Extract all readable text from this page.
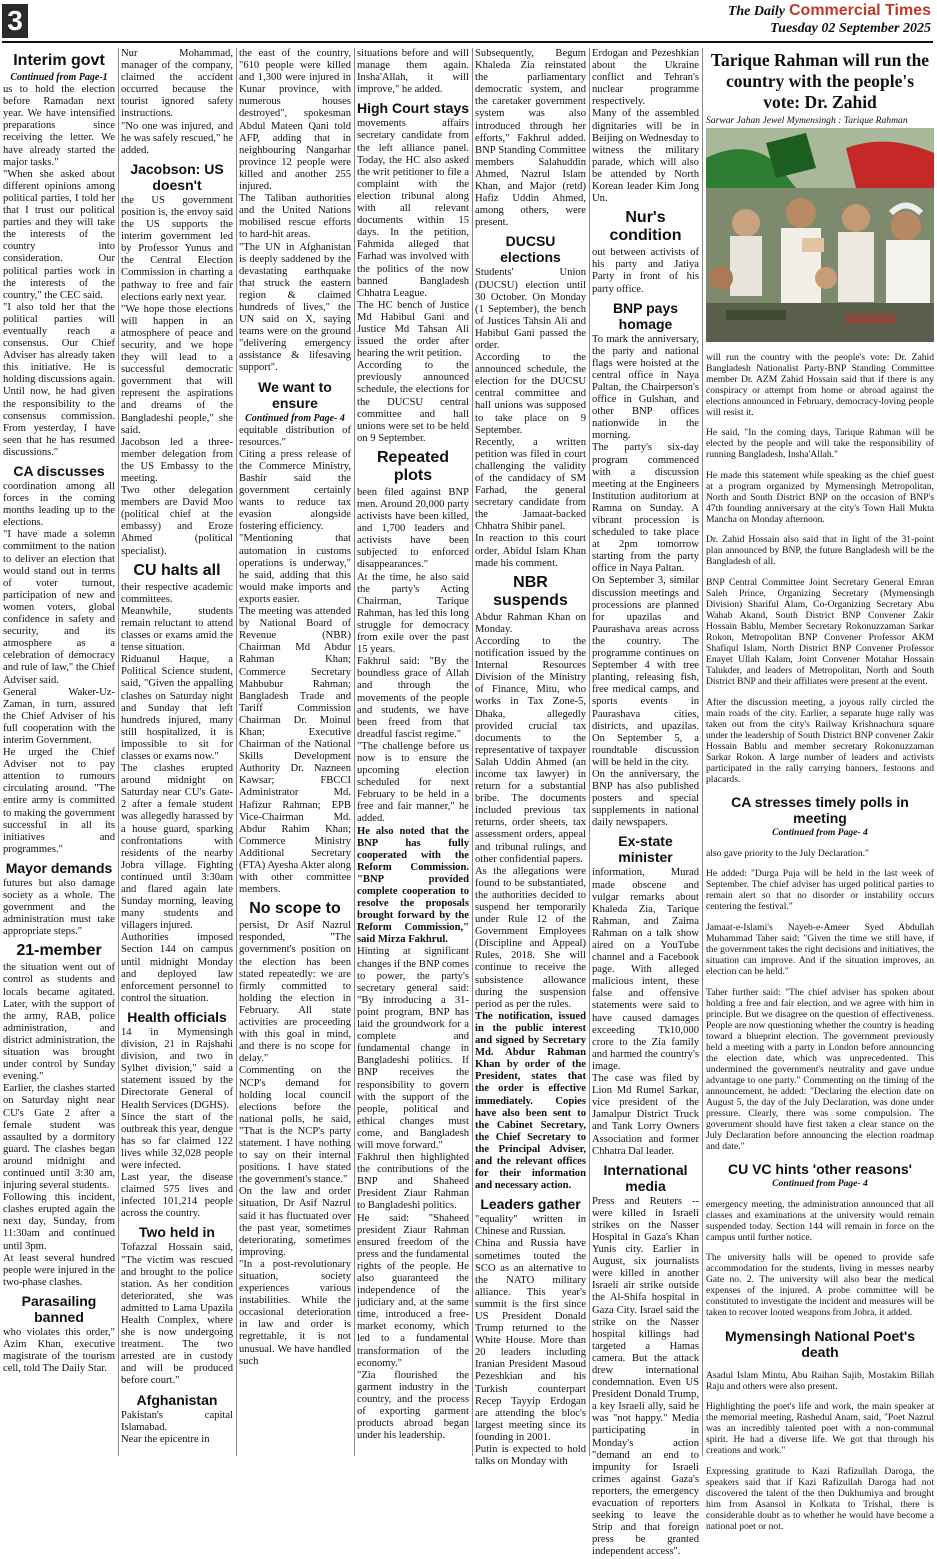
3	The Daily Commercial Times
Tuesday 02 September 2025
Interim govt

Continued from Page-1

us to hold the election before Ramadan next year. We have intensified preparations since receiving the letter. We have already started the major tasks."

"When she asked about different opinions among political parties, I told her that I trust our political parties and they will take the interests of the country into consideration. Our political parties work in the interests of the country," the CEC said.

"I also told her that the political parties will eventually reach a consensus. Our Chief Adviser has already taken this initiative. He is holding discussions again. Until now, he had given the responsibility to the consensus commission. From yesterday, I have seen that he has resumed discussions."

CA discusses

coordination among all forces in the coming months leading up to the elections.

"I have made a solemn commitment to the nation to deliver an election that would stand out in terms of voter turnout, participation of new and women voters, global confidence in safety and security, and its atmosphere as a celebration of democracy and rule of law," the Chief Adviser said.

General Waker-Uz-Zaman, in turn, assured the Chief Adviser of his full cooperation with the interim Government.

He urged the Chief Adviser not to pay attention to rumours circulating around. "The entire army is committed to making the government successful in all its initiatives and programmes."

Mayor demands

futures but also damage society as a whole. The government and the administration must take appropriate steps."

21-member

the situation went out of control as students and locals became agitated. Later, with the support of the army, RAB, police administration, and district administration, the situation was brought under control by Sunday evening."

Earlier, the clashes started on Saturday night near CU's Gate 2 after a female student was assaulted by a dormitory guard. The clashes began around midnight and continued until 3:30 am, injuring several students.

Following this incident, clashes erupted again the next day, Sunday, from 11:30am and continued until 3pm.

At least several hundred people were injured in the two-phase clashes.

Parasailing banned

who violates this order," Azim Khan, executive magistrate of the tourism cell, told The Daily Star.

Nur Mohammad, manager of the company, claimed the accident occurred because the tourist ignored safety instructions.

"No one was injured, and he was safely rescued," he added.

Jacobson: US doesn't

the US government position is, the envoy said the US supports the interim government led by Professor Yunus and the Central Election Commission in charting a pathway to free and fair elections early next year.

"We hope those elections will happen in an atmosphere of peace and security, and we hope they will lead to a successful democratic government that will represent the aspirations and dreams of the Bangladeshi people," she said.

Jacobson led a three-member delegation from the US Embassy to the meeting.

Two other delegation members are David Moo (political chief at the embassy) and Eroze Ahmed (political specialist).

CU halts all

their respective academic committees.

Meanwhile, students remain reluctant to attend classes or exams amid the tense situation.

Riduanul Haque, a Political Science student, said, "Given the appalling clashes on Saturday night and Sunday that left hundreds injured, many still hospitalized, it is impossible to sit for classes or exams now."

The clashes erupted around midnight on Saturday near CU's Gate-2 after a female student was allegedly harassed by a house guard, sparking confrontations with residents of the nearby Jobra village. Fighting continued until 3:30am and flared again late Sunday morning, leaving many students and villagers injured.

Authorities imposed Section 144 on campus until midnight Monday and deployed law enforcement personnel to control the situation.

Health officials

14 in Mymensingh division, 21 in Rajshahi division, and two in Sylhet division," said a statement issued by the Directorate General of Health Services (DGHS).

Since the start of the outbreak this year, dengue has so far claimed 122 lives while 32,028 people were infected.

Last year, the disease claimed 575 lives and infected 101,214 people across the country.

Two held in

Tofazzal Hossain said, "The victim was rescued and brought to the police station. As her condition deteriorated, she was admitted to Lama Upazila Health Complex, where she is now undergoing treatment. The two arrested are in custody and will be produced before court."

Afghanistan

Pakistan's capital Islamabad.

Near the epicentre in

the east of the country, "610 people were killed and 1,300 were injured in Kunar province, with numerous houses destroyed", spokesman Abdul Mateen Qani told AFP, adding that in neighbouring Nangarhar province 12 people were killed and another 255 injured.

The Taliban authorities and the United Nations mobilised rescue efforts to hard-hit areas.

"The UN in Afghanistan is deeply saddened by the devastating earthquake that struck the eastern region & claimed hundreds of lives," the UN said on X, saying teams were on the ground "delivering emergency assistance & lifesaving support".

We want to ensure

Continued from Page- 4

equitable distribution of resources."

Citing a press release of the Commerce Ministry, Bashir said the government certainly wants to reduce tax evasion alongside fostering efficiency.

"Mentioning that automation in customs operations is underway," he said, adding that this would make imports and exports easier.

The meeting was attended by National Board of Revenue (NBR) Chairman Md Abdur Rahman Khan; Commerce Secretary Mahbubur Rahman; Bangladesh Trade and Tariff Commission Chairman Dr. Moinul Khan; Executive Chairman of the National Skills Development Authority Dr. Nazneen Kawsar; FBCCI Administrator Md. Hafizur Rahman; EPB Vice-Chairman Md. Abdur Rahim Khan; Commerce Ministry Additional Secretary (FTA) Ayesha Akter along with other committee members.

No scope to

persist, Dr Asif Nazrul responded, "The government's position on the election has been stated repeatedly: we are firmly committed to holding the election in February. All state activities are proceeding with this goal in mind, and there is no scope for delay."

Commenting on the NCP's demand for holding local council elections before the national polls, he said, "That is the NCP's party statement. I have nothing to say on their internal positions. I have stated the government's stance."

On the law and order situation, Dr Asif Nazrul said it has fluctuated over the past year, sometimes deteriorating, sometimes improving.

"In a post-revolutionary situation, society experiences various instabilities. While the occasional deterioration in law and order is regrettable, it is not unusual. We have handled such

situations before and will manage them again. Insha'Allah, it will improve," he added.

High Court stays

movements affairs secretary candidate from the left alliance panel. Today, the HC also asked the writ petitioner to file a complaint with the election tribunal along with all relevant documents within 15 days. In the petition, Fahmida alleged that Farhad was involved with the politics of the now banned Bangladesh Chhatra League.

The HC bench of Justice Md Habibul Gani and Justice Md Tahsan Ali issued the order after hearing the writ petition.

According to the previously announced schedule, the elections for the DUCSU central committee and hall unions were set to be held on 9 September.

Repeated plots

been filed against BNP men. Around 20,000 party activists have been killed, and 1,700 leaders and activists have been subjected to enforced disappearances."

At the time, he also said the party's Acting Chairman, Tarique Rahman, has led this long struggle for democracy from exile over the past 15 years.

Fakhrul said: "By the boundless grace of Allah and through the movements of the people and students, we have been freed from that dreadful fascist regime."

"The challenge before us now is to ensure the upcoming election scheduled for next February to be held in a free and fair manner," he added.

He also noted that the BNP has fully cooperated with the Reform Commission. "BNP provided complete cooperation to resolve the proposals brought forward by the Reform Commission," said Mirza Fakhrul.

Hinting at significant changes if the BNP comes to power, the party's secretary general said: "By introducing a 31-point program, BNP has laid the groundwork for a complete and fundamental change in Bangladeshi politics. If BNP receives the responsibility to govern with the support of the people, political and ethical changes must come, and Bangladesh will move forward."

Fakhrul then highlighted the contributions of the BNP and Shaheed President Ziaur Rahman to Bangladeshi politics.

He said: "Shaheed president Ziaur Rahman ensured freedom of the press and the fundamental rights of the people. He also guaranteed the independence of the judiciary and, at the same time, introduced a free-market economy, which led to a fundamental transformation of the economy."

"Zia flourished the garment industry in the country, and the process of exporting garment products abroad began under his leadership.

Subsequently, Begum Khaleda Zia reinstated the parliamentary democratic system, and the caretaker government system was also introduced through her efforts," Fakhrul added. BNP Standing Committee members Salahuddin Ahmed, Nazrul Islam Khan, and Major (retd) Hafiz Uddin Ahmed, among others, were present.

DUCSU elections

Students' Union (DUCSU) election until 30 October. On Monday (1 September), the bench of Justices Tahsin Ali and Habibul Gani passed the order.

According to the announced schedule, the election for the DUCSU central committee and hall unions was supposed to take place on 9 September.

Recently, a written petition was filed in court challenging the validity of the candidacy of SM Farhad, the general secretary candidate from the Jamaat-backed Chhatra Shibir panel.

In reaction to this court order, Abidul Islam Khan made his comment.

NBR suspends

Abdur Rahman Khan on Monday.

According to the notification issued by the Internal Resources Division of the Ministry of Finance, Mitu, who works in Tax Zone-5, Dhaka, allegedly provided crucial tax documents to the representative of taxpayer Salah Uddin Ahmed (an income tax lawyer) in return for a substantial bribe. The documents included previous tax returns, order sheets, tax assessment orders, appeal and tribunal rulings, and other confidential papers.

As the allegations were found to be substantiated, the authorities decided to suspend her temporarily under Rule 12 of the Government Employees (Discipline and Appeal) Rules, 2018. She will continue to receive the subsistence allowance during the suspension period as per the rules.

The notification, issued in the public interest and signed by Secretary Md. Abdur Rahman Khan by order of the President, states that the order is effective immediately. Copies have also been sent to the Cabinet Secretary, the Chief Secretary to the Principal Adviser, and the relevant offices for their information and necessary action.

Leaders gather

"equality" written in Chinese and Russian.

China and Russia have sometimes touted the SCO as an alternative to the NATO military alliance. This year's summit is the first since US President Donald Trump returned to the White House. More than 20 leaders including Iranian President Masoud Pezeshkian and his Turkish counterpart Recep Tayyip Erdogan are attending the bloc's largest meeting since its founding in 2001.

Putin is expected to hold talks on Monday with

Erdogan and Pezeshkian about the Ukraine conflict and Tehran's nuclear programme respectively.

Many of the assembled dignitaries will be in Beijing on Wednesday to witness the military parade, which will also be attended by North Korean leader Kim Jong Un.

Nur's condition

out between activists of his party and Jatiya Party in front of his party office.

BNP pays homage

To mark the anniversary, the party and national flags were hoisted at the central office in Naya Paltan, the Chairperson's office in Gulshan, and other BNP offices nationwide in the morning.

The party's six-day program commenced with a discussion meeting at the Engineers Institution auditorium at Ramna on Sunday. A vibrant procession is scheduled to take place at 2pm tomorrow starting from the party office in Naya Paltan.

On September 3, similar discussion meetings and processions are planned for upazilas and Paurashava areas across the country. The programme continues on September 4 with tree planting, releasing fish, free medical camps, and sports events in Paurashava cities, districts, and upazilas. On September 5, a roundtable discussion will be held in the city.

On the anniversary, the BNP has also published posters and special supplements in national daily newspapers.

Ex-state minister

information, Murad made obscene and vulgar remarks about Khaleda Zia, Tarique Rahman, and Zaima Rahman on a talk show aired on a YouTube channel and a Facebook page. With alleged malicious intent, these false and offensive statements were said to have caused damages exceeding Tk10,000 crore to the Zia family and harmed the country's image.

The case was filed by Lion Md Rumel Sarkar, vice president of the Jamalpur District Truck and Tank Lorry Owners Association and former Chhatra Dal leader.

International media

Press and Reuters -- were killed in Israeli strikes on the Nasser Hospital in Gaza's Khan Yunis city. Earlier in August, six journalists were killed in another Israeli air strike outside the Al-Shifa hospital in Gaza City. Israel said the strike on the Nasser hospital killings had targeted a Hamas camera. But the attack drew international condemnation. Even US President Donald Trump, a key Israeli ally, said he was "not happy." Media participating in Monday's action "demand an end to impunity for Israeli crimes against Gaza's reporters, the emergency evacuation of reporters seeking to leave the Strip and that foreign press be granted independent access".

Tarique Rahman will run the country with the people's vote: Dr. Zahid
Sarwar Jahan Jewel Mymensingh : Tarique Rahman

will run the country with the people's vote: Dr. Zahid Bangladesh Nationalist Party-BNP Standing Committee member Dr. AZM Zahid Hossain said that if there is any conspiracy or attempt from home or abroad against the elections announced in February, democracy-loving people will resist it.

He said, "In the coming days, Tarique Rahman will be elected by the people and will take the responsibility of running Bangladesh, Insha'Allah."

He made this statement while speaking as the chief guest at a program organized by Mymensingh Metropolitan, North and South District BNP on the occasion of BNP's 47th founding anniversary at the city's Town Hall Mukta Mancha on Monday afternoon.

Dr. Zahid Hossain also said that in light of the 31-point plan announced by BNP, the future Bangladesh will be the Bangladesh of all.

BNP Central Committee Joint Secretary General Emran Saleh Prince, Organizing Secretary (Mymensingh Division) Shariful Alam, Co-Organizing Secretary Abu Wahab Akand, South District BNP Convener Zakir Hossain Bablu, Member Secretary Rokonuzzaman Sarkar Rokon, Metropolitan BNP Convener Professor AKM Shafiqul Islam, North District BNP Convener Professor Enayet Ullah Kalam, Joint Convener Motahar Hossain Talukder, and leaders of Metropolitan, North and South District BNP and their affiliates were present at the event.

After the discussion meeting, a joyous rally circled the main roads of the city. Earlier, a separate huge rally was taken out from the city's Railway Krishnachura square under the leadership of South District BNP convener Zakir Hossain Bablu and member secretary Rokonuzzaman Sarkar Rokon. A large number of leaders and activists participated in the rally carrying banners, festoons and placards.

CA stresses timely polls in meeting

Continued from Page- 4

also gave priority to the July Declaration."

He added: "Durga Puja will be held in the last week of September. The chief adviser has urged political parties to remain alert so that no disorder or instability occurs centering the festival."

Jamaat-e-Islami's Nayeb-e-Ameer Syed Abdullah Muhammad Taher said: "Given the time we still have, if the government takes the right decisions and initiatives, the situation can improve. And if the situation improves, an election can be held."

Taher further said: "The chief adviser has spoken about holding a free and fair election, and we agree with him in principle. But we disagree on the question of effectiveness. People are now questioning whether the country is heading toward a blueprint election. The government previously held a meeting with a party in London before announcing the election date, which was unprecedented. This undermined the government's neutrality and gave undue advantage to one party." Commenting on the timing of the announcement, he added: "Declaring the election date on August 5, the day of the July Declaration, was done under pressure. Clearly, there was some compulsion. The government should have first taken a clear stance on the July Declaration before announcing the election roadmap and date."

CU VC hints 'other reasons'

Continued from Page- 4

emergency meeting, the administration announced that all classes and examinations at the university would remain suspended today. Section 144 will remain in force on the campus until further notice.

The university halls will be opened to provide safe accommodation for the students, living in messes nearby Gate no. 2. The university will also bear the medical expenses of the injured. A probe committee will be constituted to investigate the incident and measures will be taken to recover looted weapons from Jobra, it added.

Mymensingh National Poet's death

Asadul Islam Mintu, Abu Raihan Sajib, Mostakim Billah Raju and others were also present.

Highlighting the poet's life and work, the main speaker at the memorial meeting, Rashedul Anam, said, "Poet Nazrul was an incredibly talented poet with a non-communal spirit. He had a diverse life. We got that through his creations and work."

Expressing gratitude to Kazi Rafizullah Daroga, the speakers said that if Kazi Rafizullah Daroga had not discovered the talent of the then Dukhumiya and brought him from Asansol in Kolkata to Trishal, there is considerable doubt as to whether he would have become a national poet or not.
